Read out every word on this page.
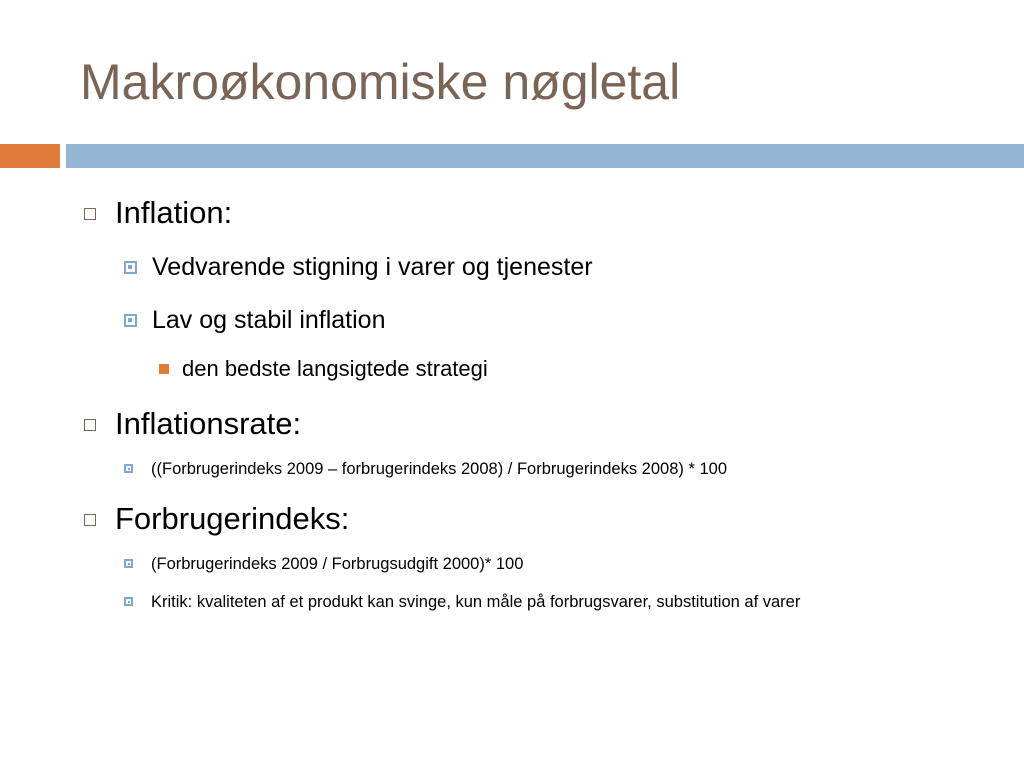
Makroøkonomiske nøgletal
Inflation:
Vedvarende stigning i varer og tjenester
Lav og stabil inflation
den bedste langsigtede strategi
Inflationsrate:
((Forbrugerindeks 2009 – forbrugerindeks 2008) / Forbrugerindeks 2008) * 100
Forbrugerindeks:
(Forbrugerindeks 2009 / Forbrugsudgift 2000)* 100
Kritik: kvaliteten af et produkt kan svinge, kun måle på forbrugsvarer, substitution af varer
